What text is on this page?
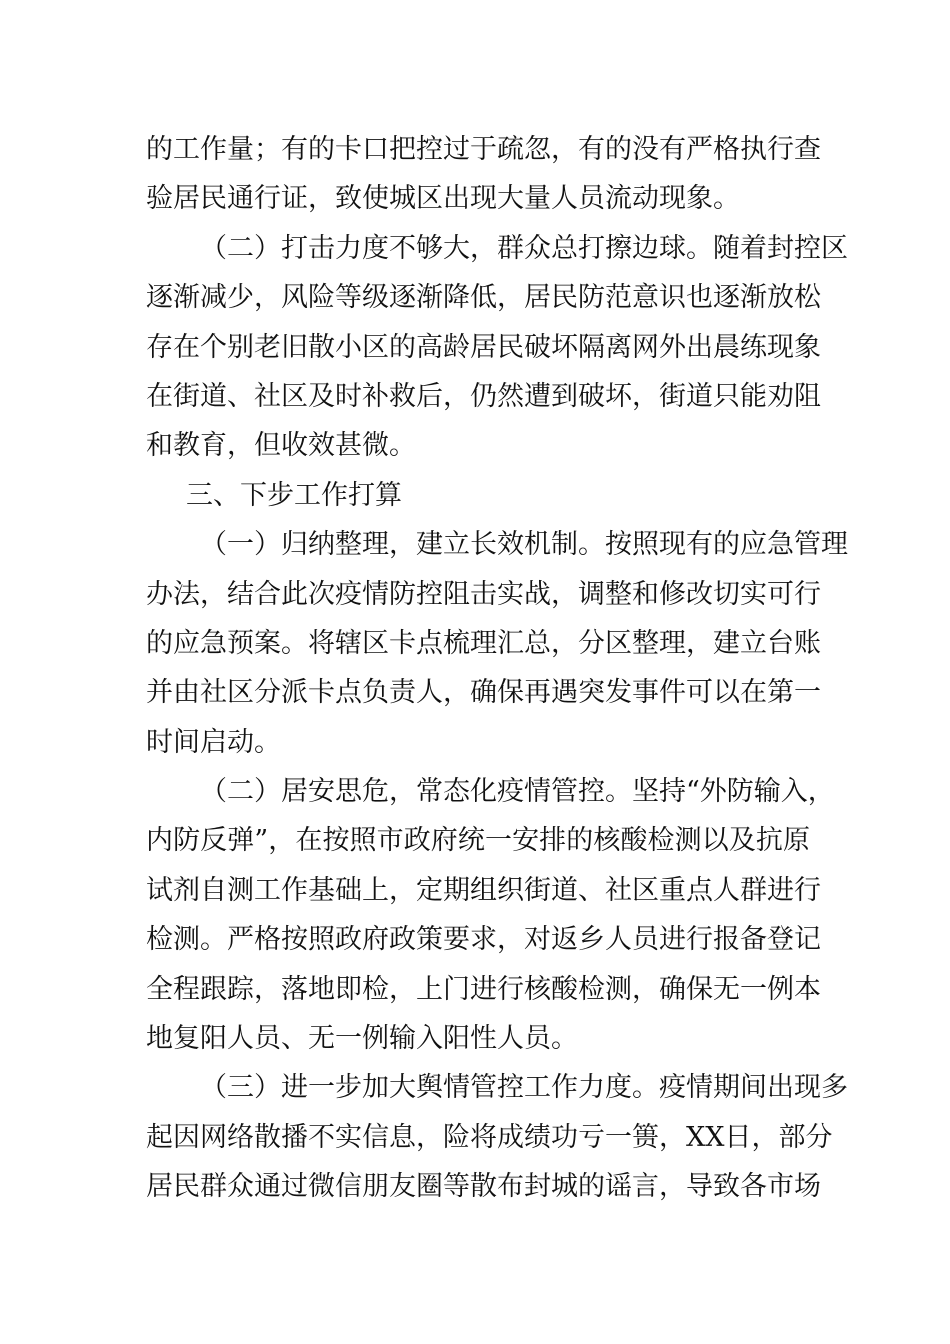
的工作量；有的卡口把控过于疏忽，有的没有严格执行查
验居民通行证，致使城区出现大量人员流动现象。
（二）打击力度不够大，群众总打擦边球。随着封控区
逐渐减少，风险等级逐渐降低，居民防范意识也逐渐放松
存在个别老旧散小区的高龄居民破坏隔离网外出晨练现象
在街道、社区及时补救后，仍然遭到破坏，街道只能劝阻
和教育，但收效甚微。
三、下步工作打算
（一）归纳整理，建立长效机制。按照现有的应急管理
办法，结合此次疫情防控阻击实战，调整和修改切实可行
的应急预案。将辖区卡点梳理汇总，分区整理，建立台账
并由社区分派卡点负责人，确保再遇突发事件可以在第一
时间启动。
（二）居安思危，常态化疫情管控。坚持“外防输入，
内防反弹”，在按照市政府统一安排的核酸检测以及抗原
试剂自测工作基础上，定期组织街道、社区重点人群进行
检测。严格按照政府政策要求，对返乡人员进行报备登记
全程跟踪，落地即检，上门进行核酸检测，确保无一例本
地复阳人员、无一例输入阳性人员。
（三）进一步加大舆情管控工作力度。疫情期间出现多
起因网络散播不实信息，险将成绩功亏一篑，XX日，部分
居民群众通过微信朋友圈等散布封城的谣言，导致各市场
